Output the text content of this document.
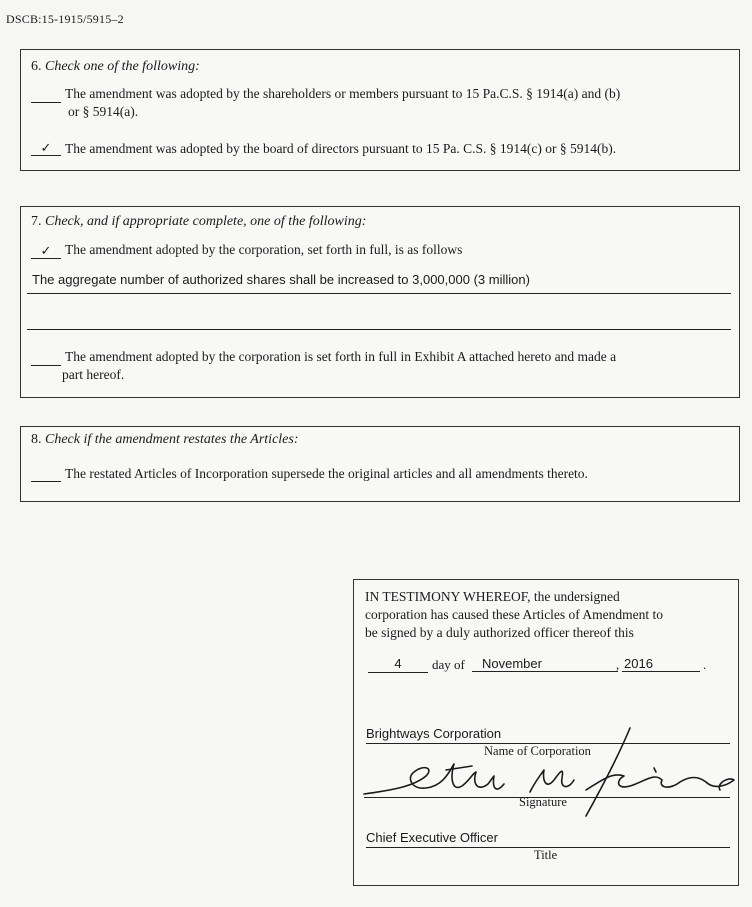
DSCB:15-1915/5915–2
6. Check one of the following:
The amendment was adopted by the shareholders or members pursuant to 15 Pa.C.S. § 1914(a) and (b)
or § 5914(a).
✓	The amendment was adopted by the board of directors pursuant to 15 Pa. C.S. § 1914(c) or § 5914(b).
7. Check, and if appropriate complete, one of the following:
✓	The amendment adopted by the corporation, set forth in full, is as follows
The aggregate number of authorized shares shall be increased to 3,000,000 (3 million)
The amendment adopted by the corporation is set forth in full in Exhibit A attached hereto and made a
part hereof.
8. Check if the amendment restates the Articles:
The restated Articles of Incorporation supersede the original articles and all amendments thereto.
IN TESTIMONY WHEREOF, the undersigned
corporation has caused these Articles of Amendment to
be signed by a duly authorized officer thereof this
4	day of	November	, 2016	.
Brightways Corporation
Name of Corporation
Signature
Chief Executive Officer
Title
